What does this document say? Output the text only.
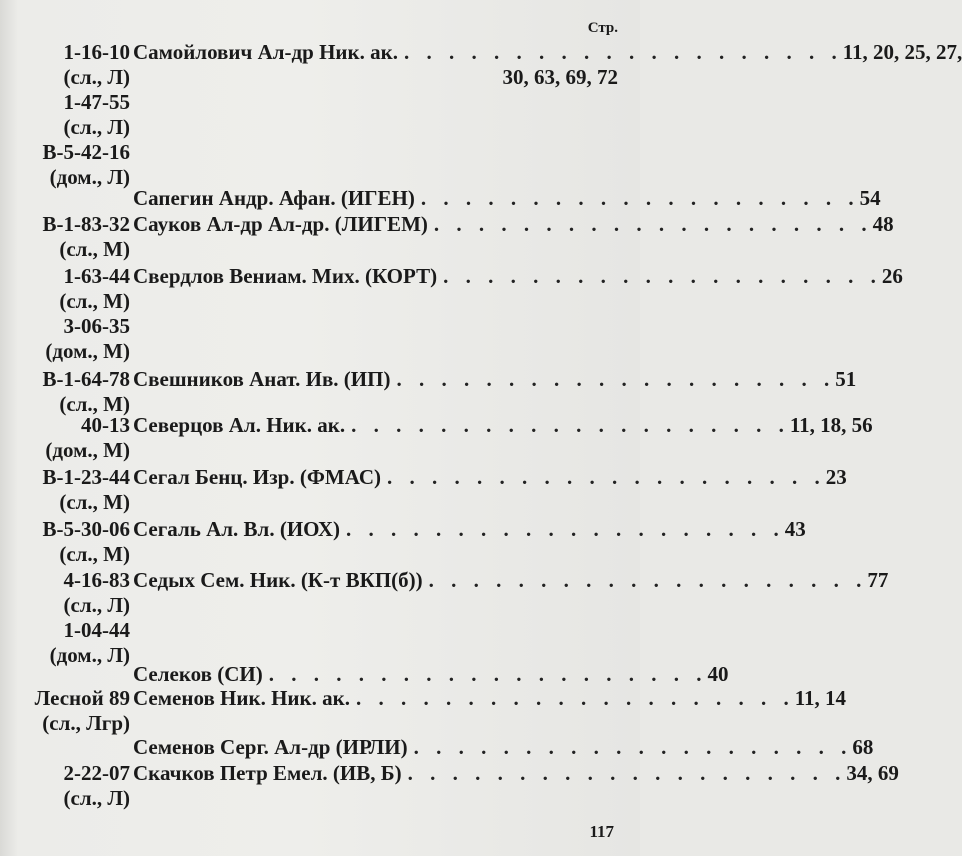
Стр.
1-16-10
(сл., Л)
1-47-55
(сл., Л)
В-5-42-16
(дом., Л)
Самойлович Ал-др Ник. ак. . . . . . . . . . . . . . . . . . . . . 11, 20, 25, 27,
30, 63, 69, 72
Сапегин Андр. Афан. (ИГЕН) . . . . . . . . . . . . . . . . . . . . 54
В-1-83-32
(сл., М)
Сауков Ал-др Ал-др. (ЛИГЕМ) . . . . . . . . . . . . . . . . . . . . 48
1-63-44
(сл., М)
3-06-35
(дом., М)
Свердлов Вениам. Мих. (КОРТ) . . . . . . . . . . . . . . . . . . . . 26
В-1-64-78
(сл., М)
Свешников Анат. Ив. (ИП) . . . . . . . . . . . . . . . . . . . . 51
40-13
(дом., М)
Северцов Ал. Ник. ак. . . . . . . . . . . . . . . . . . . . . 11, 18, 56
В-1-23-44
(сл., М)
Сегал Бенц. Изр. (ФМАС) . . . . . . . . . . . . . . . . . . . . 23
В-5-30-06
(сл., М)
Сегаль Ал. Вл. (ИОХ) . . . . . . . . . . . . . . . . . . . . 43
4-16-83
(сл., Л)
1-04-44
(дом., Л)
Седых Сем. Ник. (К-т ВКП(б)) . . . . . . . . . . . . . . . . . . . . 77
Селеков (СИ) . . . . . . . . . . . . . . . . . . . . 40
Лесной 89
(сл., Лгр)
Семенов Ник. Ник. ак. . . . . . . . . . . . . . . . . . . . . 11, 14
Семенов Серг. Ал-др (ИРЛИ) . . . . . . . . . . . . . . . . . . . . 68
2-22-07
(сл., Л)
Скачков Петр Емел. (ИВ, Б) . . . . . . . . . . . . . . . . . . . . 34, 69
117
